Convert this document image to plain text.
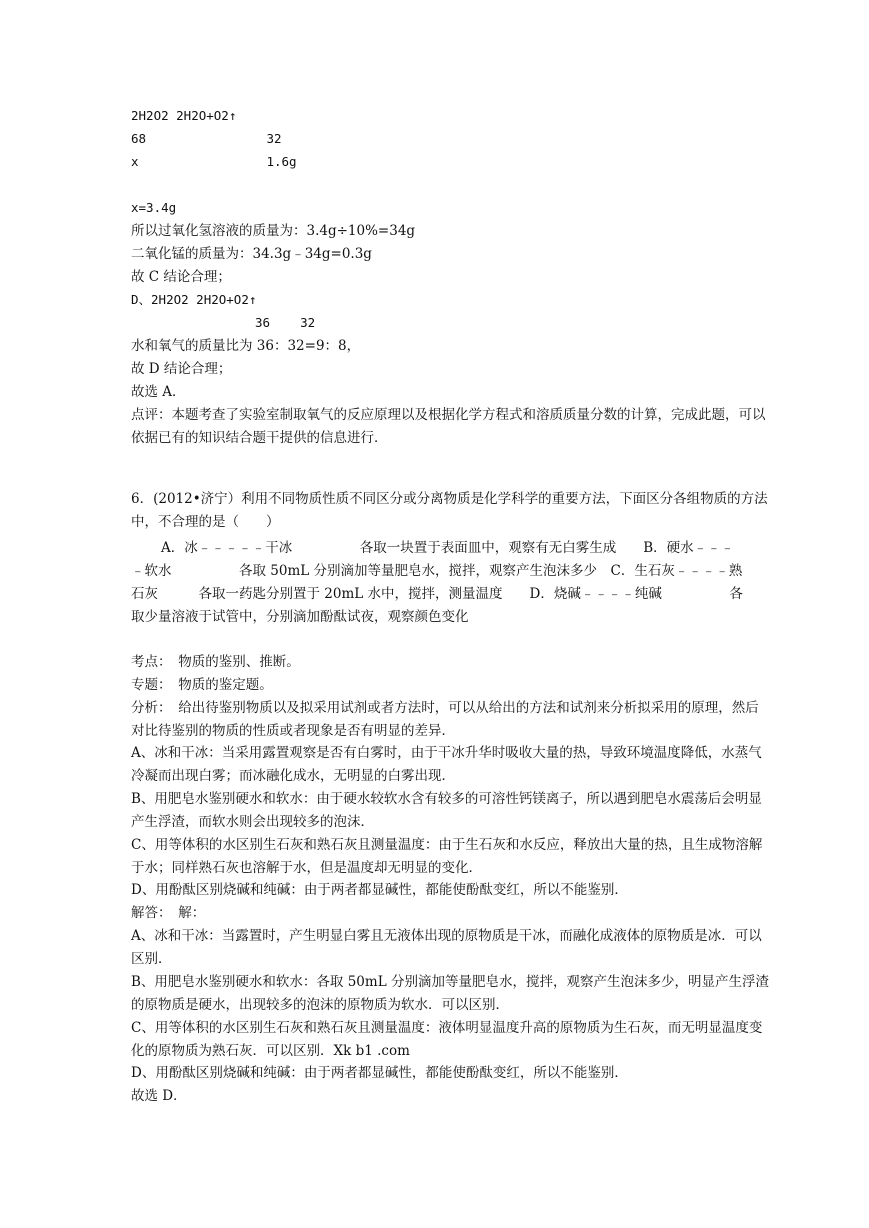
2H2O2 2H2O+O2↑
68                32
x                 1.6g
x=3.4g
所以过氧化氢溶液的质量为：3.4g÷10%=34g
二氧化锰的质量为：34.3g﹣34g=0.3g
故 C 结论合理；
D、2H2O2 2H2O+O2↑
36    32
水和氧气的质量比为 36：32=9：8，
故 D 结论合理；
故选 A．
点评：本题考查了实验室制取氧气的反应原理以及根据化学方程式和溶质质量分数的计算，完成此题，可以依据已有的知识结合题干提供的信息进行．
6．(2012•济宁）利用不同物质性质不同区分或分离物质是化学科学的重要方法，下面区分各组物质的方法中，不合理的是（　　）
A．冰﹣﹣﹣﹣﹣干冰　　　　　各取一块置于表面皿中，观察有无白雾生成　　B．硬水﹣﹣﹣﹣软水　　　　　各取 50mL 分别滴加等量肥皂水，搅拌，观察产生泡沫多少　C．生石灰﹣﹣﹣﹣熟石灰　　　各取一药匙分别置于 20mL 水中，搅拌，测量温度　　D．烧碱﹣﹣﹣﹣纯碱　　　　　各取少量溶液于试管中，分别滴加酚酞试夜，观察颜色变化
考点：　物质的鉴别、推断。
专题：　物质的鉴定题。
分析：　给出待鉴别物质以及拟采用试剂或者方法时，可以从给出的方法和试剂来分析拟采用的原理，然后对比待鉴别的物质的性质或者现象是否有明显的差异．
A、冰和干冰：当采用露置观察是否有白雾时，由于干冰升华时吸收大量的热，导致环境温度降低，水蒸气冷凝而出现白雾；而冰融化成水，无明显的白雾出现．
B、用肥皂水鉴别硬水和软水：由于硬水较软水含有较多的可溶性钙镁离子，所以遇到肥皂水震荡后会明显产生浮渣，而软水则会出现较多的泡沫．
C、用等体积的水区别生石灰和熟石灰且测量温度：由于生石灰和水反应，释放出大量的热，且生成物溶解于水；同样熟石灰也溶解于水，但是温度却无明显的变化．
D、用酚酞区别烧碱和纯碱：由于两者都显碱性，都能使酚酞变红，所以不能鉴别．
解答：　解：
A、冰和干冰：当露置时，产生明显白雾且无液体出现的原物质是干冰，而融化成液体的原物质是冰．可以区别．
B、用肥皂水鉴别硬水和软水：各取 50mL 分别滴加等量肥皂水，搅拌，观察产生泡沫多少，明显产生浮渣的原物质是硬水，出现较多的泡沫的原物质为软水．可以区别．
C、用等体积的水区别生石灰和熟石灰且测量温度：液体明显温度升高的原物质为生石灰，而无明显温度变化的原物质为熟石灰．可以区别．Xk b1 .com
D、用酚酞区别烧碱和纯碱：由于两者都显碱性，都能使酚酞变红，所以不能鉴别．
故选 D．
